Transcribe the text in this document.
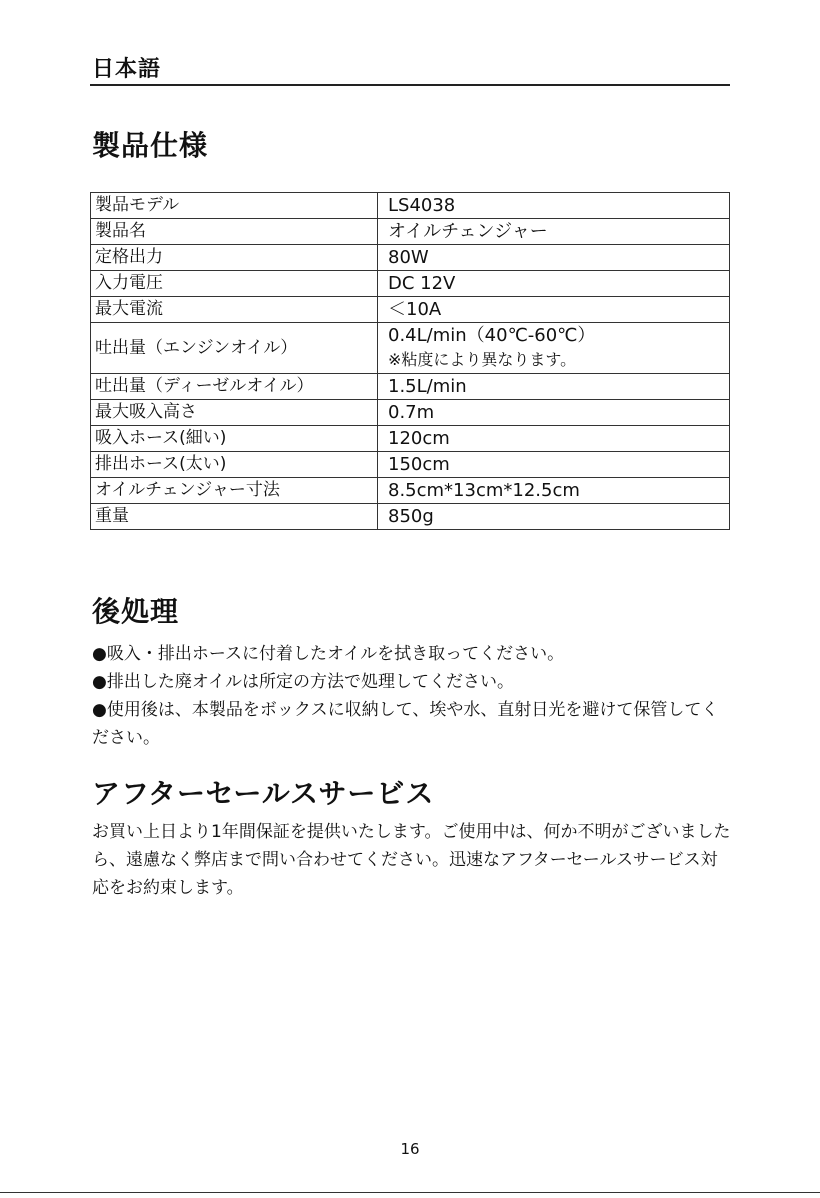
日本語
製品仕様
製品モデル	LS4038
製品名	オイルチェンジャー
定格出力	80W
入力電圧	DC 12V
最大電流	＜10A
吐出量（エンジンオイル）	0.4L/min（40℃-60℃）
※粘度により異なります。

吐出量（ディーゼルオイル）	1.5L/min
最大吸入高さ	0.7m
吸入ホース(細い)	120cm
排出ホース(太い)	150cm
オイルチェンジャー寸法	8.5cm*13cm*12.5cm
重量	850g
後処理

●吸入・排出ホースに付着したオイルを拭き取ってください。

●排出した廃オイルは所定の方法で処理してください。

●使用後は、本製品をボックスに収納して、埃や水、直射日光を避けて保管してください。

アフターセールスサービス

お買い上日より1年間保証を提供いたします。ご使用中は、何か不明がございましたら、遠慮なく弊店まで問い合わせてください。迅速なアフターセールスサービス対応をお約束します。

16
